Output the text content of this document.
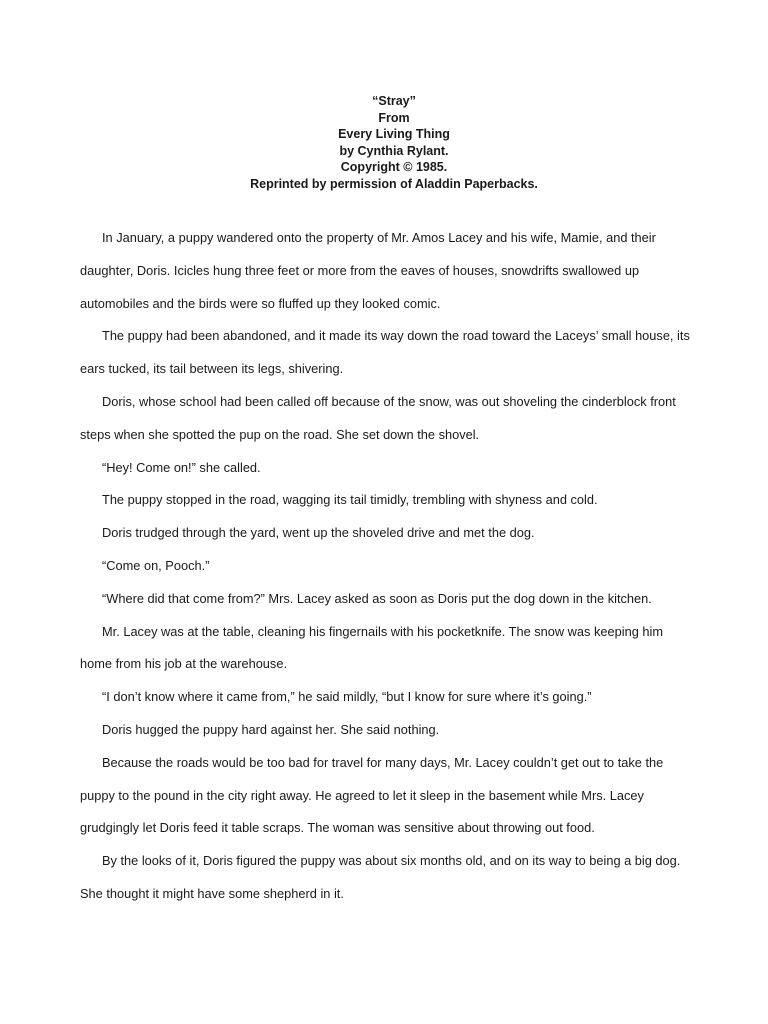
“Stray”
From
Every Living Thing
by Cynthia Rylant.
Copyright © 1985.
Reprinted by permission of Aladdin Paperbacks.

In January, a puppy wandered onto the property of Mr. Amos Lacey and his wife, Mamie, and their daughter, Doris. Icicles hung three feet or more from the eaves of houses, snowdrifts swallowed up automobiles and the birds were so fluffed up they looked comic.

The puppy had been abandoned, and it made its way down the road toward the Laceys’ small house, its ears tucked, its tail between its legs, shivering.

Doris, whose school had been called off because of the snow, was out shoveling the cinderblock front steps when she spotted the pup on the road. She set down the shovel.

“Hey! Come on!” she called.

The puppy stopped in the road, wagging its tail timidly, trembling with shyness and cold.

Doris trudged through the yard, went up the shoveled drive and met the dog.

“Come on, Pooch.”

“Where did that come from?” Mrs. Lacey asked as soon as Doris put the dog down in the kitchen.

Mr. Lacey was at the table, cleaning his fingernails with his pocketknife. The snow was keeping him home from his job at the warehouse.

“I don’t know where it came from,” he said mildly, “but I know for sure where it’s going.”

Doris hugged the puppy hard against her. She said nothing.

Because the roads would be too bad for travel for many days, Mr. Lacey couldn’t get out to take the puppy to the pound in the city right away. He agreed to let it sleep in the basement while Mrs. Lacey grudgingly let Doris feed it table scraps. The woman was sensitive about throwing out food.

By the looks of it, Doris figured the puppy was about six months old, and on its way to being a big dog. She thought it might have some shepherd in it.
